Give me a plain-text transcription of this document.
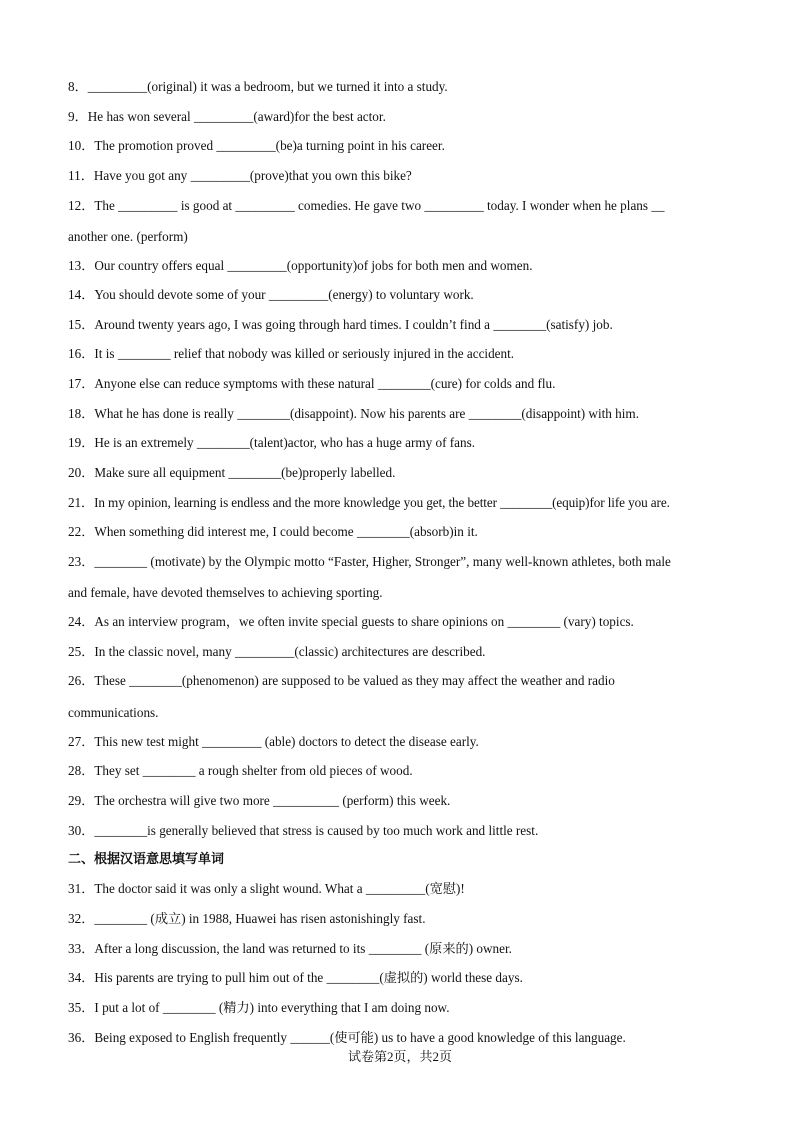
8．_________(original) it was a bedroom, but we turned it into a study.
9．He has won several _________(award)for the best actor.
10．The promotion proved _________(be)a turning point in his career.
11．Have you got any _________(prove)that you own this bike?
12．The _________ is good at _________ comedies. He gave two _________ today. I wonder when he plans __
another one. (perform)
13．Our country offers equal _________(opportunity)of jobs for both men and women.
14．You should devote some of your _________(energy) to voluntary work.
15．Around twenty years ago, I was going through hard times. I couldn’t find a ________(satisfy) job.
16．It is ________ relief that nobody was killed or seriously injured in the accident.
17．Anyone else can reduce symptoms with these natural ________(cure) for colds and flu.
18．What he has done is really ________(disappoint). Now his parents are ________(disappoint) with him.
19．He is an extremely ________(talent)actor, who has a huge army of fans.
20．Make sure all equipment ________(be)properly labelled.
21．In my opinion, learning is endless and the more knowledge you get, the better ________(equip)for life you are.
22．When something did interest me, I could become ________(absorb)in it.
23．________ (motivate) by the Olympic motto “Faster, Higher, Stronger”, many well-known athletes, both male
and female, have devoted themselves to achieving sporting.
24．As an interview program，we often invite special guests to share opinions on ________ (vary) topics.
25．In the classic novel, many _________(classic) architectures are described.
26．These ________(phenomenon) are supposed to be valued as they may affect the weather and radio
communications.
27．This new test might _________ (able) doctors to detect the disease early.
28．They set ________ a rough shelter from old pieces of wood.
29．The orchestra will give two more __________ (perform) this week.
30．________is generally believed that stress is caused by too much work and little rest.
二、根据汉语意思填写单词
31．The doctor said it was only a slight wound. What a _________(宽慰)!
32．________ (成立) in 1988, Huawei has risen astonishingly fast.
33．After a long discussion, the land was returned to its ________ (原来的) owner.
34．His parents are trying to pull him out of the ________(虚拟的) world these days.
35．I put a lot of ________ (精力) into everything that I am doing now.
36．Being exposed to English frequently ______(使可能) us to have a good knowledge of this language.
试卷第2页，共2页
